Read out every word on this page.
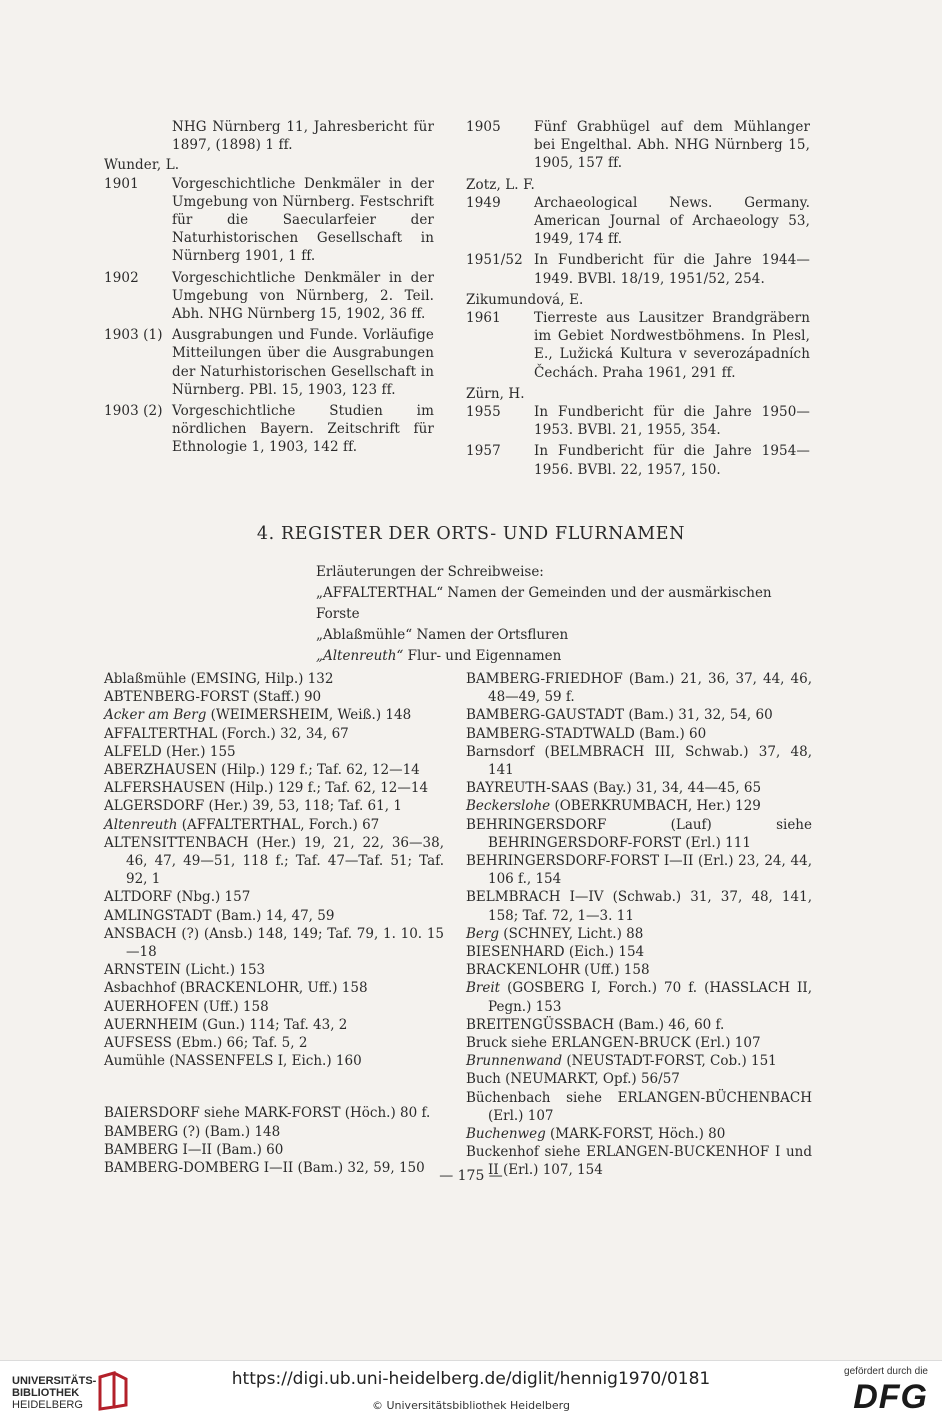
NHG Nürnberg 11, Jahresbericht für 1897, (1898) 1 ff.
Wunder, L.
1901	Vorgeschichtliche Denkmäler in der Umgebung von Nürnberg. Festschrift für die Saecularfeier der Naturhistorischen Gesellschaft in Nürnberg 1901, 1 ff.
1902	Vorgeschichtliche Denkmäler in der Umgebung von Nürnberg, 2. Teil. Abh. NHG Nürnberg 15, 1902, 36 ff.
1903 (1) Ausgrabungen und Funde. Vorläufige Mitteilungen über die Ausgrabungen der Naturhistorischen Gesellschaft in Nürnberg. PBl. 15, 1903, 123 ff.
1903 (2) Vorgeschichtliche Studien im nördlichen Bayern. Zeitschrift für Ethnologie 1, 1903, 142 ff.
1905	Fünf Grabhügel auf dem Mühlanger bei Engelthal. Abh. NHG Nürnberg 15, 1905, 157 ff.
Zotz, L. F.
1949	Archaeological News. Germany. American Journal of Archaeology 53, 1949, 174 ff.
1951/52 In Fundbericht für die Jahre 1944—1949. BVBl. 18/19, 1951/52, 254.
Zikumundová, E.
1961	Tierreste aus Lausitzer Brandgräbern im Gebiet Nordwestböhmens. In Plesl, E., Lužická Kultura v severozápadních Čechách. Praha 1961, 291 ff.
Zürn, H.
1955	In Fundbericht für die Jahre 1950—1953. BVBl. 21, 1955, 354.
1957	In Fundbericht für die Jahre 1954—1956. BVBl. 22, 1957, 150.
4. REGISTER DER ORTS- UND FLURNAMEN

Erläuterungen der Schreibweise:

„AFFALTERTHAL“ Namen der Gemeinden und der ausmärkischen Forste

„Ablaßmühle“ Namen der Ortsfluren

„Altenreuth“ Flur- und Eigennamen

Ablaßmühle (EMSING, Hilp.) 132
ABTENBERG-FORST (Staff.) 90
Acker am Berg (WEIMERSHEIM, Weiß.) 148
AFFALTERTHAL (Forch.) 32, 34, 67
ALFELD (Her.) 155
ABERZHAUSEN (Hilp.) 129 f.; Taf. 62, 12—14
ALFERSHAUSEN (Hilp.) 129 f.; Taf. 62, 12—14
ALGERSDORF (Her.) 39, 53, 118; Taf. 61, 1
Altenreuth (AFFALTERTHAL, Forch.) 67
ALTENSITTENBACH (Her.) 19, 21, 22, 36—38, 46, 47, 49—51, 118 f.; Taf. 47—Taf. 51; Taf. 92, 1
ALTDORF (Nbg.) 157
AMLINGSTADT (Bam.) 14, 47, 59
ANSBACH (?) (Ansb.) 148, 149; Taf. 79, 1. 10. 15—18
ARNSTEIN (Licht.) 153
Asbachhof (BRACKENLOHR, Uff.) 158
AUERHOFEN (Uff.) 158
AUERNHEIM (Gun.) 114; Taf. 43, 2
AUFSESS (Ebm.) 66; Taf. 5, 2
Aumühle (NASSENFELS I, Eich.) 160
BAIERSDORF siehe MARK-FORST (Höch.) 80 f.
BAMBERG (?) (Bam.) 148
BAMBERG I—II (Bam.) 60
BAMBERG-DOMBERG I—II (Bam.) 32, 59, 150
BAMBERG-FRIEDHOF (Bam.) 21, 36, 37, 44, 46, 48—49, 59 f.
BAMBERG-GAUSTADT (Bam.) 31, 32, 54, 60
BAMBERG-STADTWALD (Bam.) 60
Barnsdorf (BELMBRACH III, Schwab.) 37, 48, 141
BAYREUTH-SAAS (Bay.) 31, 34, 44—45, 65
Beckerslohe (OBERKRUMBACH, Her.) 129
BEHRINGERSDORF (Lauf) siehe BEHRINGERSDORF-FORST (Erl.) 111
BEHRINGERSDORF-FORST I—II (Erl.) 23, 24, 44, 106 f., 154
BELMBRACH I—IV (Schwab.) 31, 37, 48, 141, 158; Taf. 72, 1—3. 11
Berg (SCHNEY, Licht.) 88
BIESENHARD (Eich.) 154
BRACKENLOHR (Uff.) 158
Breit (GOSBERG I, Forch.) 70 f. (HASSLACH II, Pegn.) 153
BREITENGÜSSBACH (Bam.) 46, 60 f.
Bruck siehe ERLANGEN-BRUCK (Erl.) 107
Brunnenwand (NEUSTADT-FORST, Cob.) 151
Buch (NEUMARKT, Opf.) 56/57
Büchenbach siehe ERLANGEN-BÜCHENBACH (Erl.) 107
Buchenweg (MARK-FORST, Höch.) 80
Buckenhof siehe ERLANGEN-BUCKENHOF I und II (Erl.) 107, 154
— 175 —
UNIVERSITÄTS-
BIBLIOTHEK
HEIDELBERG
https://digi.ub.uni-heidelberg.de/diglit/hennig1970/0181
© Universitätsbibliothek Heidelberg
gefördert durch die
DFG
